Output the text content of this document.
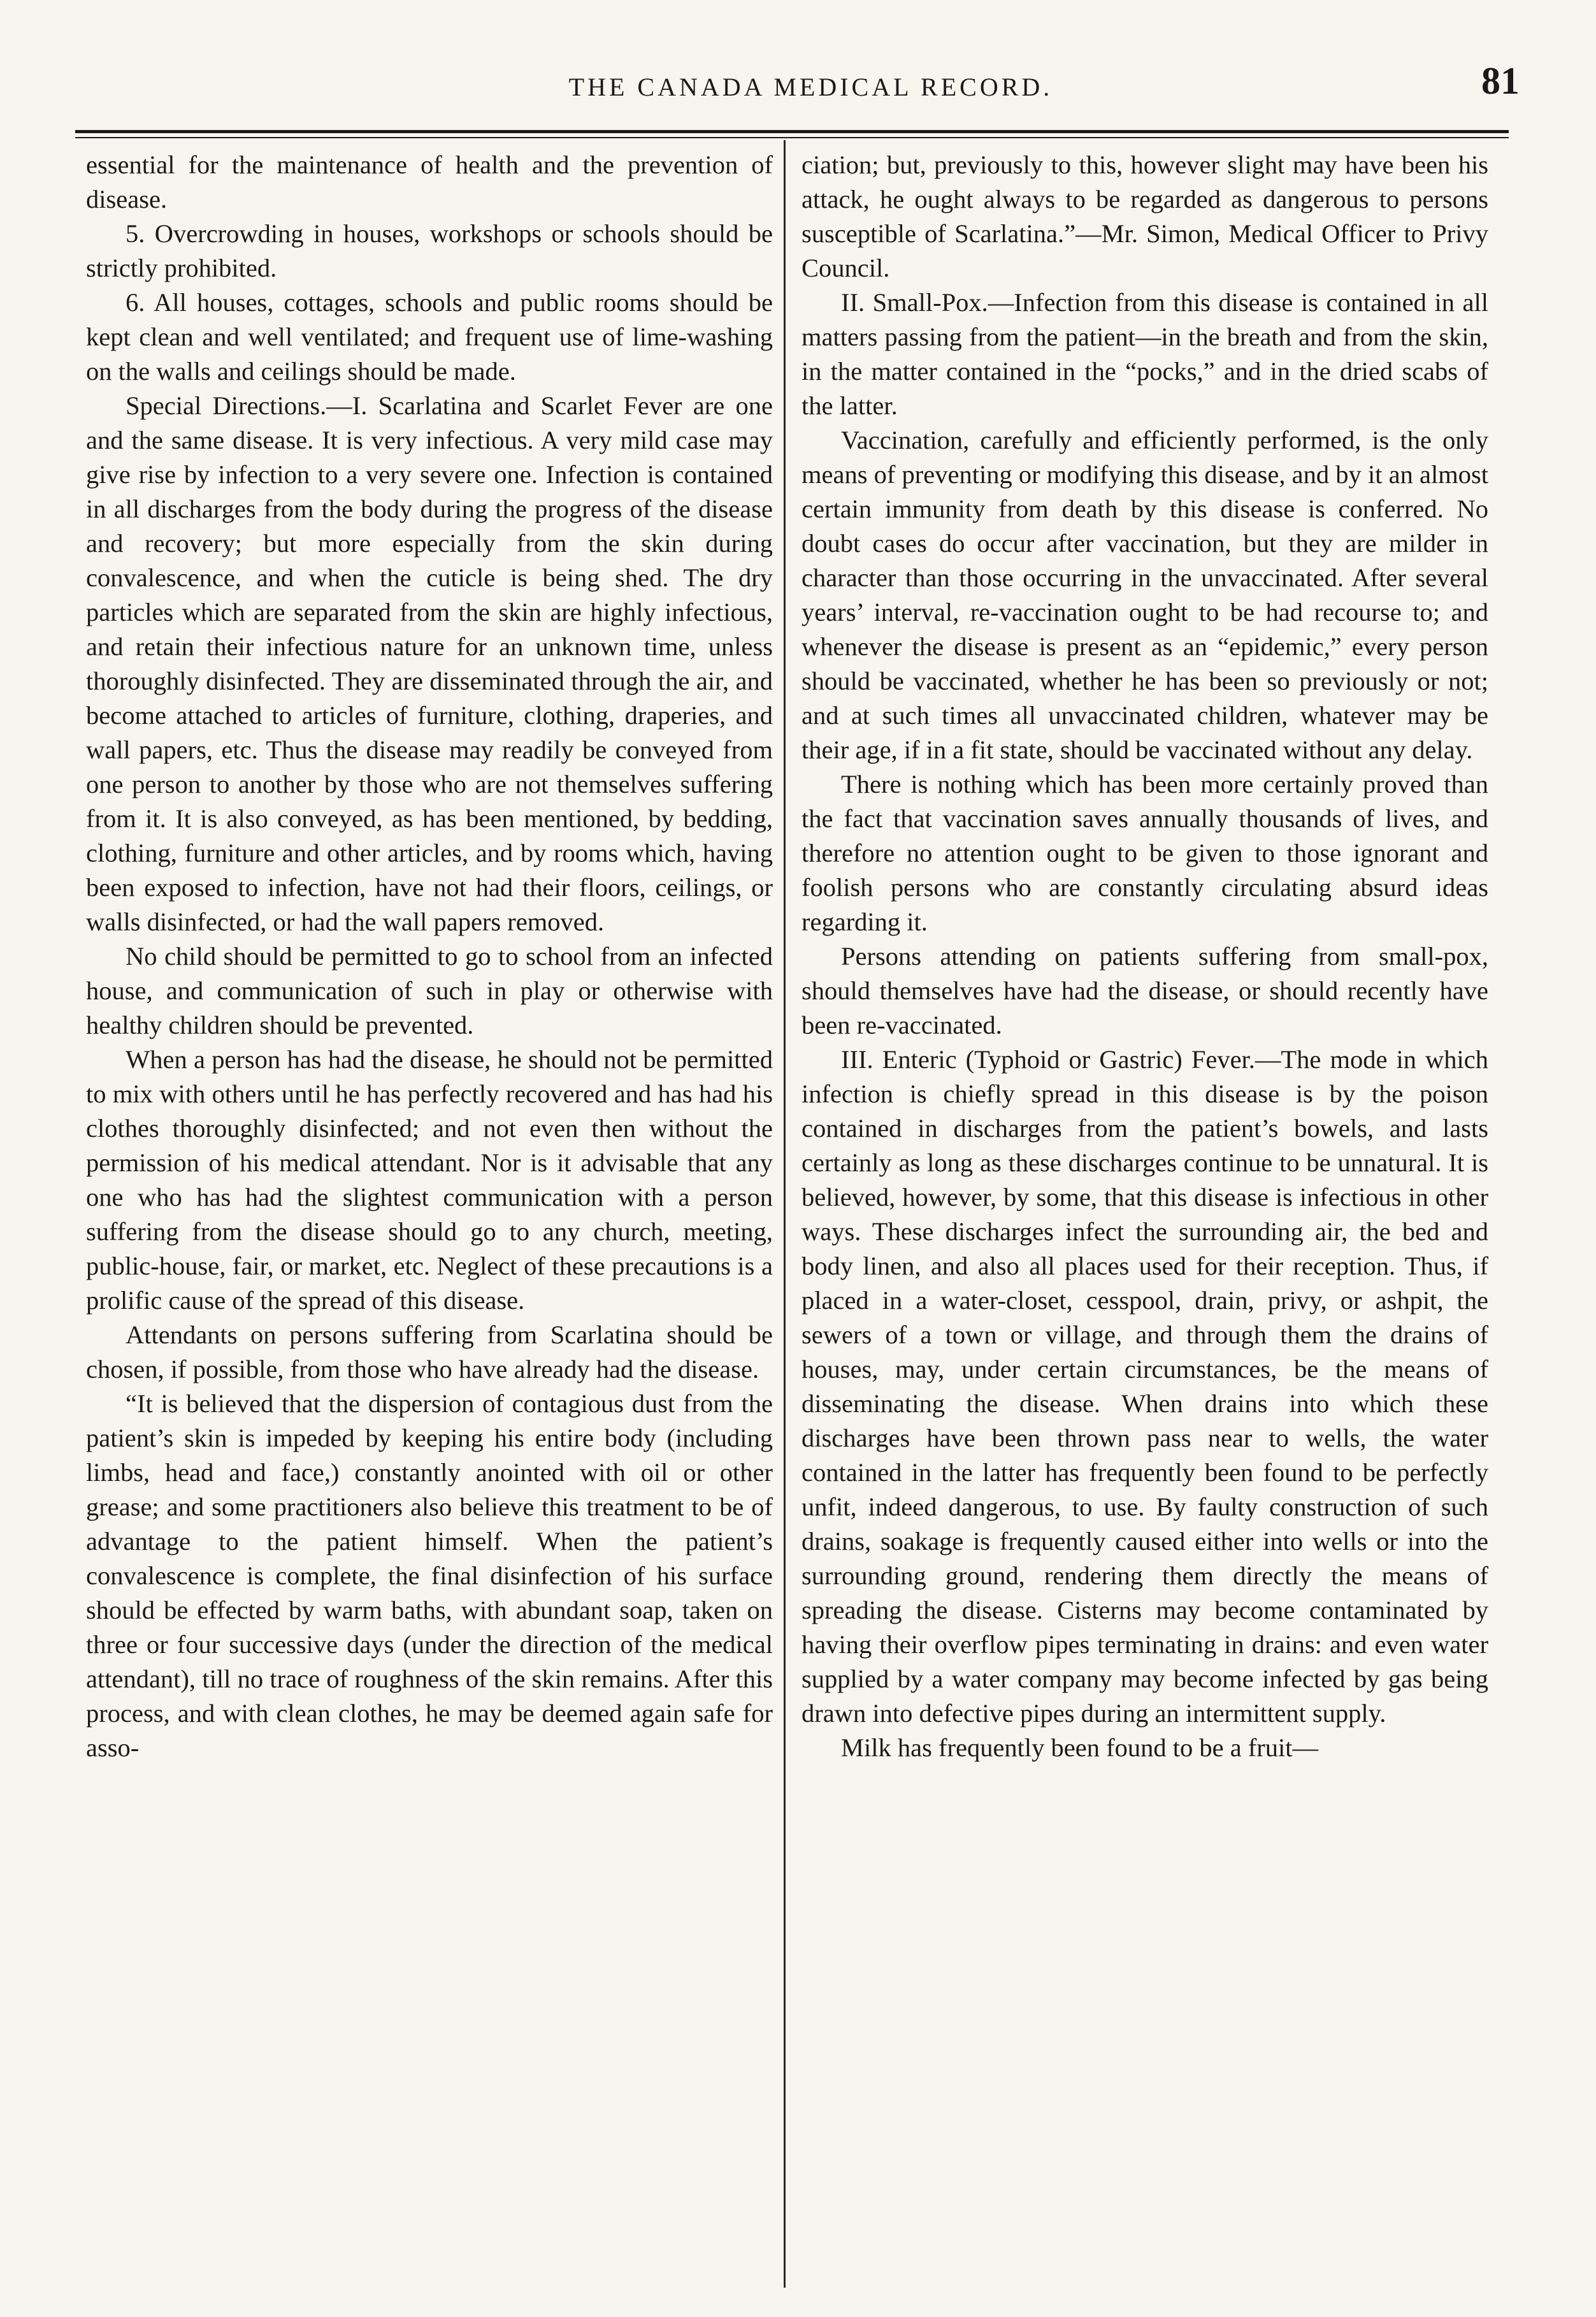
THE CANADA MEDICAL RECORD.	81

essential for the maintenance of health and the prevention of disease.

5. Overcrowding in houses, workshops or schools should be strictly prohibited.

6. All houses, cottages, schools and public rooms should be kept clean and well ventilated; and frequent use of lime-washing on the walls and ceilings should be made.

Special Directions.—I. Scarlatina and Scarlet Fever are one and the same disease. It is very infectious. A very mild case may give rise by infection to a very severe one. Infection is contained in all discharges from the body during the progress of the disease and recovery; but more especially from the skin during convalescence, and when the cuticle is being shed. The dry particles which are separated from the skin are highly infectious, and retain their infectious nature for an unknown time, unless thoroughly disinfected. They are disseminated through the air, and become attached to articles of furniture, clothing, draperies, and wall papers, etc. Thus the disease may readily be conveyed from one person to another by those who are not themselves suffering from it. It is also conveyed, as has been mentioned, by bedding, clothing, furniture and other articles, and by rooms which, having been exposed to infection, have not had their floors, ceilings, or walls disinfected, or had the wall papers removed.

No child should be permitted to go to school from an infected house, and communication of such in play or otherwise with healthy children should be prevented.

When a person has had the disease, he should not be permitted to mix with others until he has perfectly recovered and has had his clothes thoroughly disinfected; and not even then without the permission of his medical attendant. Nor is it advisable that any one who has had the slightest communication with a person suffering from the disease should go to any church, meeting, public-house, fair, or market, etc. Neglect of these precautions is a prolific cause of the spread of this disease.

Attendants on persons suffering from Scarlatina should be chosen, if possible, from those who have already had the disease.

“It is believed that the dispersion of contagious dust from the patient’s skin is impeded by keeping his entire body (including limbs, head and face,) constantly anointed with oil or other grease; and some practitioners also believe this treatment to be of advantage to the patient himself. When the patient’s convalescence is complete, the final disinfection of his surface should be effected by warm baths, with abundant soap, taken on three or four successive days (under the direction of the medical attendant), till no trace of roughness of the skin remains. After this process, and with clean clothes, he may be deemed again safe for asso-

ciation; but, previously to this, however slight may have been his attack, he ought always to be regarded as dangerous to persons susceptible of Scarlatina.”—Mr. Simon, Medical Officer to Privy Council.

II. Small-Pox.—Infection from this disease is contained in all matters passing from the patient—in the breath and from the skin, in the matter contained in the “pocks,” and in the dried scabs of the latter.

Vaccination, carefully and efficiently performed, is the only means of preventing or modifying this disease, and by it an almost certain immunity from death by this disease is conferred. No doubt cases do occur after vaccination, but they are milder in character than those occurring in the unvaccinated. After several years’ interval, re-vaccination ought to be had recourse to; and whenever the disease is present as an “epidemic,” every person should be vaccinated, whether he has been so previously or not; and at such times all unvaccinated children, whatever may be their age, if in a fit state, should be vaccinated without any delay.

There is nothing which has been more certainly proved than the fact that vaccination saves annually thousands of lives, and therefore no attention ought to be given to those ignorant and foolish persons who are constantly circulating absurd ideas regarding it.

Persons attending on patients suffering from small-pox, should themselves have had the disease, or should recently have been re-vaccinated.

III. Enteric (Typhoid or Gastric) Fever.—The mode in which infection is chiefly spread in this disease is by the poison contained in discharges from the patient’s bowels, and lasts certainly as long as these discharges continue to be unnatural. It is believed, however, by some, that this disease is infectious in other ways. These discharges infect the surrounding air, the bed and body linen, and also all places used for their reception. Thus, if placed in a water-closet, cesspool, drain, privy, or ashpit, the sewers of a town or village, and through them the drains of houses, may, under certain circumstances, be the means of disseminating the disease. When drains into which these discharges have been thrown pass near to wells, the water contained in the latter has frequently been found to be perfectly unfit, indeed dangerous, to use. By faulty construction of such drains, soakage is frequently caused either into wells or into the surrounding ground, rendering them directly the means of spreading the disease. Cisterns may become contaminated by having their overflow pipes terminating in drains: and even water supplied by a water company may become infected by gas being drawn into defective pipes during an intermittent supply.

Milk has frequently been found to be a fruit—
